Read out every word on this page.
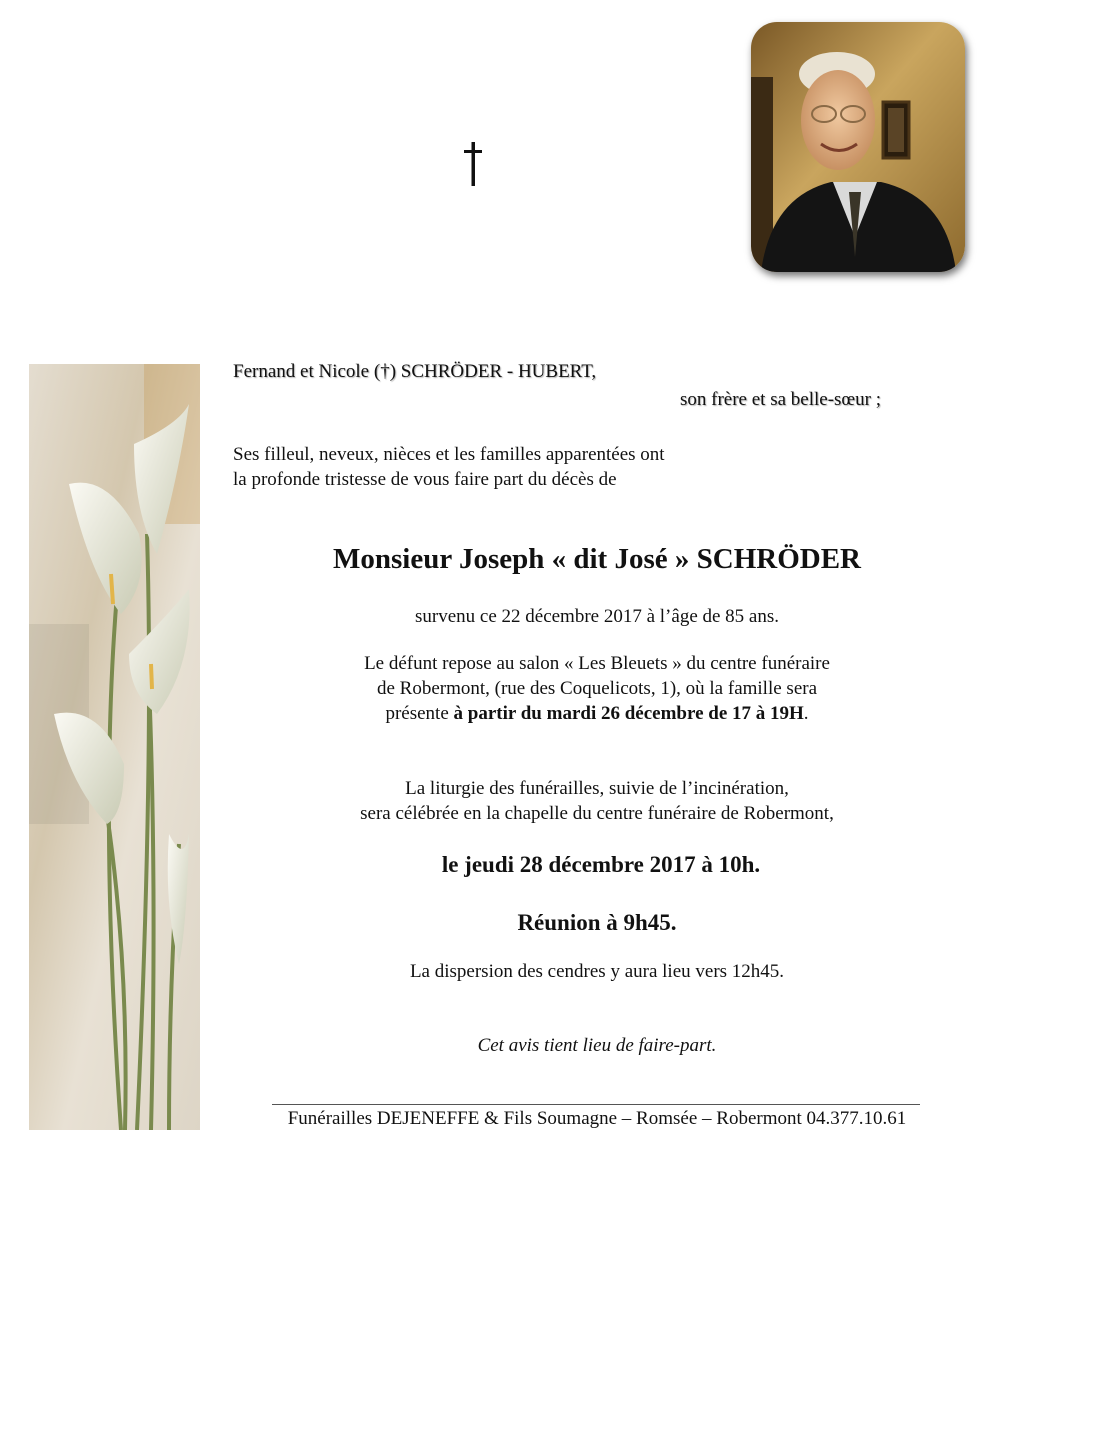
Fernand et Nicole (†) SCHRÖDER - HUBERT,

son frère et sa belle-sœur ;

Ses filleul, neveux, nièces et les familles apparentées ont

la profonde tristesse de vous faire part du décès de

Monsieur Joseph « dit José » SCHRÖDER

survenu ce 22 décembre 2017 à l’âge de 85 ans.

Le défunt repose au salon « Les Bleuets » du centre funéraire

de Robermont, (rue des Coquelicots, 1), où la famille sera

présente à partir du mardi 26 décembre de 17 à 19H.

La liturgie des funérailles, suivie de l’incinération,

sera célébrée en la chapelle du centre funéraire de Robermont,

le jeudi 28 décembre 2017 à 10h.

Réunion à 9h45.

La dispersion des cendres y aura lieu vers 12h45.

Cet avis tient lieu de faire-part.

Funérailles DEJENEFFE & Fils Soumagne – Romsée – Robermont 04.377.10.61
